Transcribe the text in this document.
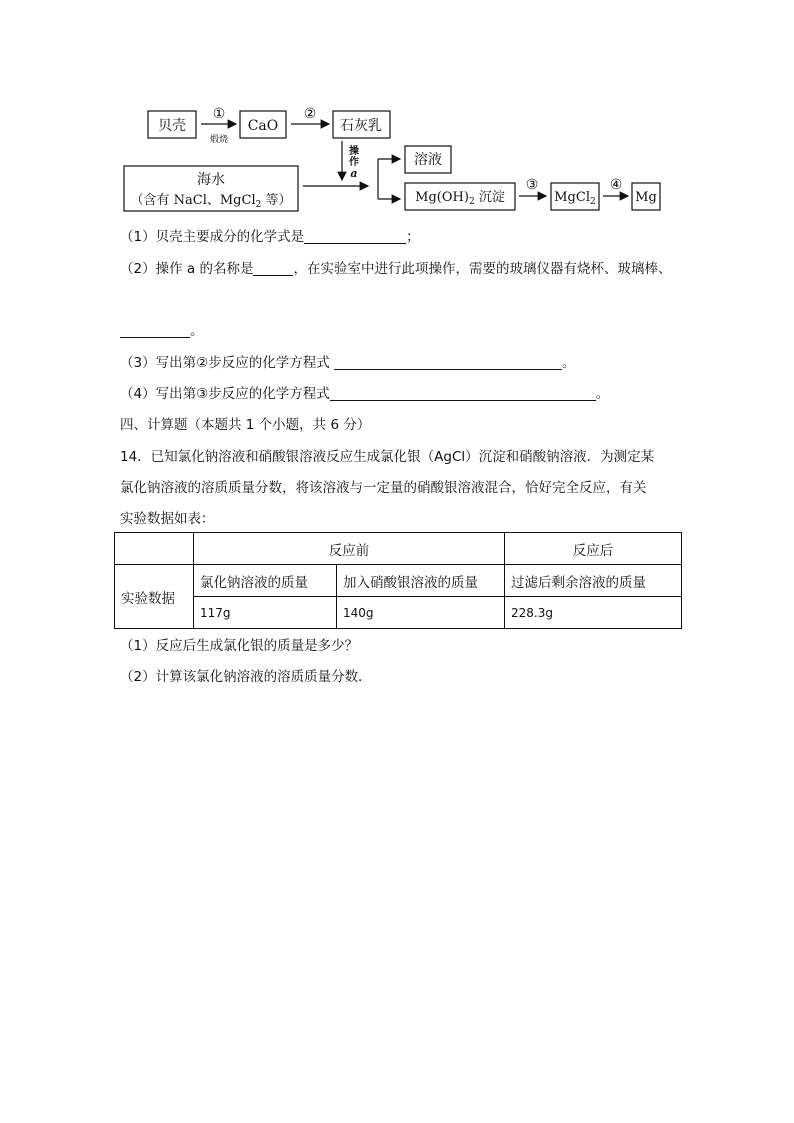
贝壳
①
煅烧
CaO
②
石灰乳
海水
（含有 NaCl、MgCl$_2$ 等）
操
作
a
溶液
$Mg(OH)_2$ 沉淀
③
MgCl$_2$
④
Mg
（1）贝壳主要成分的化学式是	；
（2）操作 a 的名称是	，在实验室中进行此项操作，需要的玻璃仪器有烧杯、玻璃棒、
。
（3）写出第②步反应的化学方程式	。
（4）写出第③步反应的化学方程式	。
四、计算题（本题共 1 个小题，共 6 分）
14．已知氯化钠溶液和硝酸银溶液反应生成氯化银（AgCl）沉淀和硝酸钠溶液．为测定某
氯化钠溶液的溶质质量分数，将该溶液与一定量的硝酸银溶液混合，恰好完全反应，有关
实验数据如表：
	反应前		反应后
实验数据	氯化钠溶液的质量	加入硝酸银溶液的质量	过滤后剩余溶液的质量
	117g	140g	228.3g
（1）反应后生成氯化银的质量是多少？
（2）计算该氯化钠溶液的溶质质量分数．
